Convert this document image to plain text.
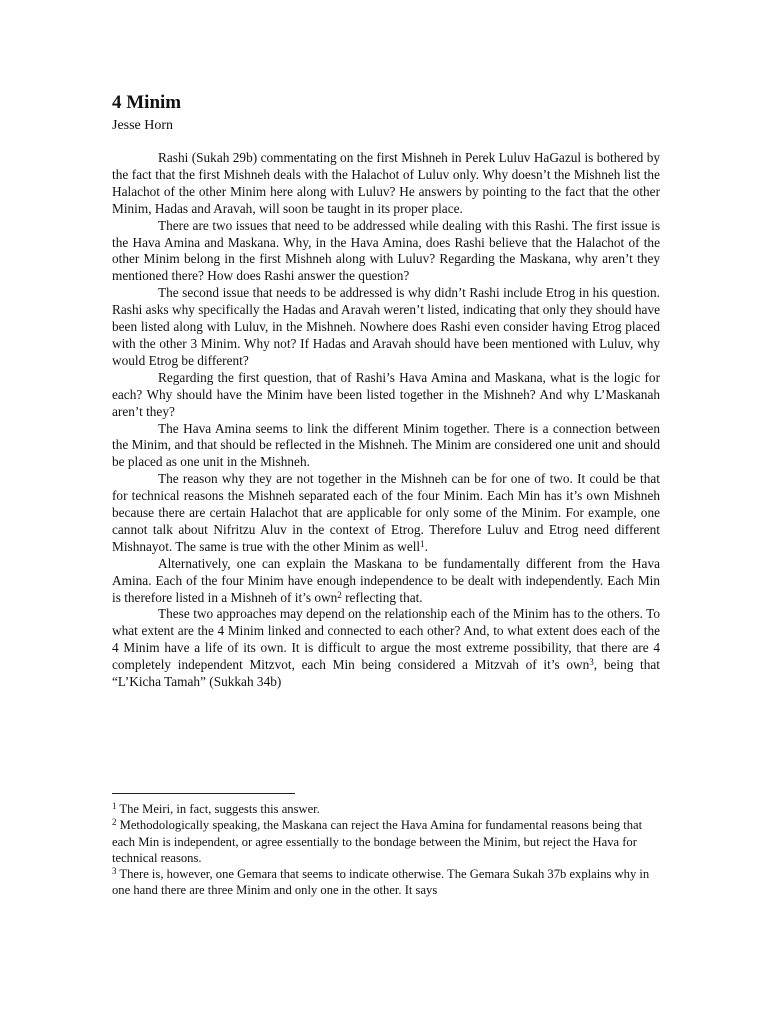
4 Minim

Jesse Horn

Rashi (Sukah 29b) commentating on the first Mishneh in Perek Luluv HaGazul is bothered by the fact that the first Mishneh deals with the Halachot of Luluv only. Why doesn’t the Mishneh list the Halachot of the other Minim here along with Luluv? He answers by pointing to the fact that the other Minim, Hadas and Aravah, will soon be taught in its proper place.

There are two issues that need to be addressed while dealing with this Rashi. The first issue is the Hava Amina and Maskana. Why, in the Hava Amina, does Rashi believe that the Halachot of the other Minim belong in the first Mishneh along with Luluv? Regarding the Maskana, why aren’t they mentioned there? How does Rashi answer the question?

The second issue that needs to be addressed is why didn’t Rashi include Etrog in his question. Rashi asks why specifically the Hadas and Aravah weren’t listed, indicating that only they should have been listed along with Luluv, in the Mishneh. Nowhere does Rashi even consider having Etrog placed with the other 3 Minim. Why not? If Hadas and Aravah should have been mentioned with Luluv, why would Etrog be different?

Regarding the first question, that of Rashi’s Hava Amina and Maskana, what is the logic for each? Why should have the Minim have been listed together in the Mishneh? And why L’Maskanah aren’t they?

The Hava Amina seems to link the different Minim together. There is a connection between the Minim, and that should be reflected in the Mishneh. The Minim are considered one unit and should be placed as one unit in the Mishneh.

The reason why they are not together in the Mishneh can be for one of two. It could be that for technical reasons the Mishneh separated each of the four Minim. Each Min has it’s own Mishneh because there are certain Halachot that are applicable for only some of the Minim. For example, one cannot talk about Nifritzu Aluv in the context of Etrog. Therefore Luluv and Etrog need different Mishnayot. The same is true with the other Minim as well$^1$.

Alternatively, one can explain the Maskana to be fundamentally different from the Hava Amina. Each of the four Minim have enough independence to be dealt with independently. Each Min is therefore listed in a Mishneh of it’s own$^2$ reflecting that.

These two approaches may depend on the relationship each of the Minim has to the others. To what extent are the 4 Minim linked and connected to each other? And, to what extent does each of the 4 Minim have a life of its own. It is difficult to argue the most extreme possibility, that there are 4 completely independent Mitzvot, each Min being considered a Mitzvah of it’s own$^3$, being that “L’Kicha Tamah” (Sukkah 34b)

$^1$ The Meiri, in fact, suggests this answer.

$^2$ Methodologically speaking, the Maskana can reject the Hava Amina for fundamental reasons being that each Min is independent, or agree essentially to the bondage between the Minim, but reject the Hava for technical reasons.

$^3$ There is, however, one Gemara that seems to indicate otherwise. The Gemara Sukah 37b explains why in one hand there are three Minim and only one in the other. It says
